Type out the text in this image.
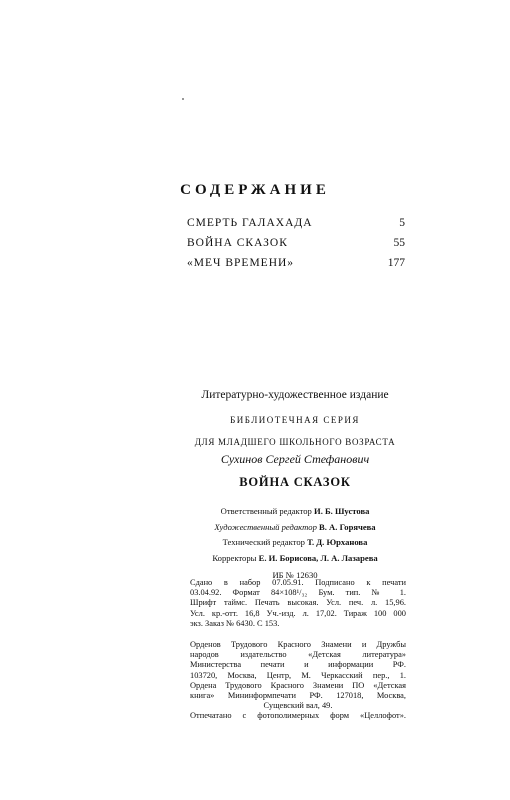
СОДЕРЖАНИЕ
СМЕРТЬ ГАЛАХАДА	5
ВОЙНА СКАЗОК	55
«МЕЧ ВРЕМЕНИ»	177
Литературно-художественное издание
БИБЛИОТЕЧНАЯ СЕРИЯ
ДЛЯ МЛАДШЕГО ШКОЛЬНОГО ВОЗРАСТА
Сухинов Сергей Стефанович
ВОЙНА СКАЗОК
Ответственный редактор И. Б. Шустова
Художественный редактор В. А. Горячева
Технический редактор Т. Д. Юрханова
Корректоры Е. И. Борисова, Л. А. Лазарева
ИБ № 12630
Сдано в набор 07.05.91. Подписано к печати
03.04.92. Формат 84×108¹/₃₂ Бум. тип. № 1.
Шрифт таймс. Печать высокая. Усл. печ. л. 15,96.
Усл. кр.-отт. 16,8 Уч.-изд. л. 17,02. Тираж 100 000
экз. Заказ № 6430. С 153.
Орденов Трудового Красного Знамени и Дружбы
народов издательство «Детская литература»
Министерства печати и информации РФ.
103720, Москва, Центр, М. Черкасский пер., 1.
Ордена Трудового Красного Знамени ПО «Детская
книга» Мининформпечати РФ. 127018, Москва,
Сущевский вал, 49.
Отпечатано с фотополимерных форм «Целлофот».
